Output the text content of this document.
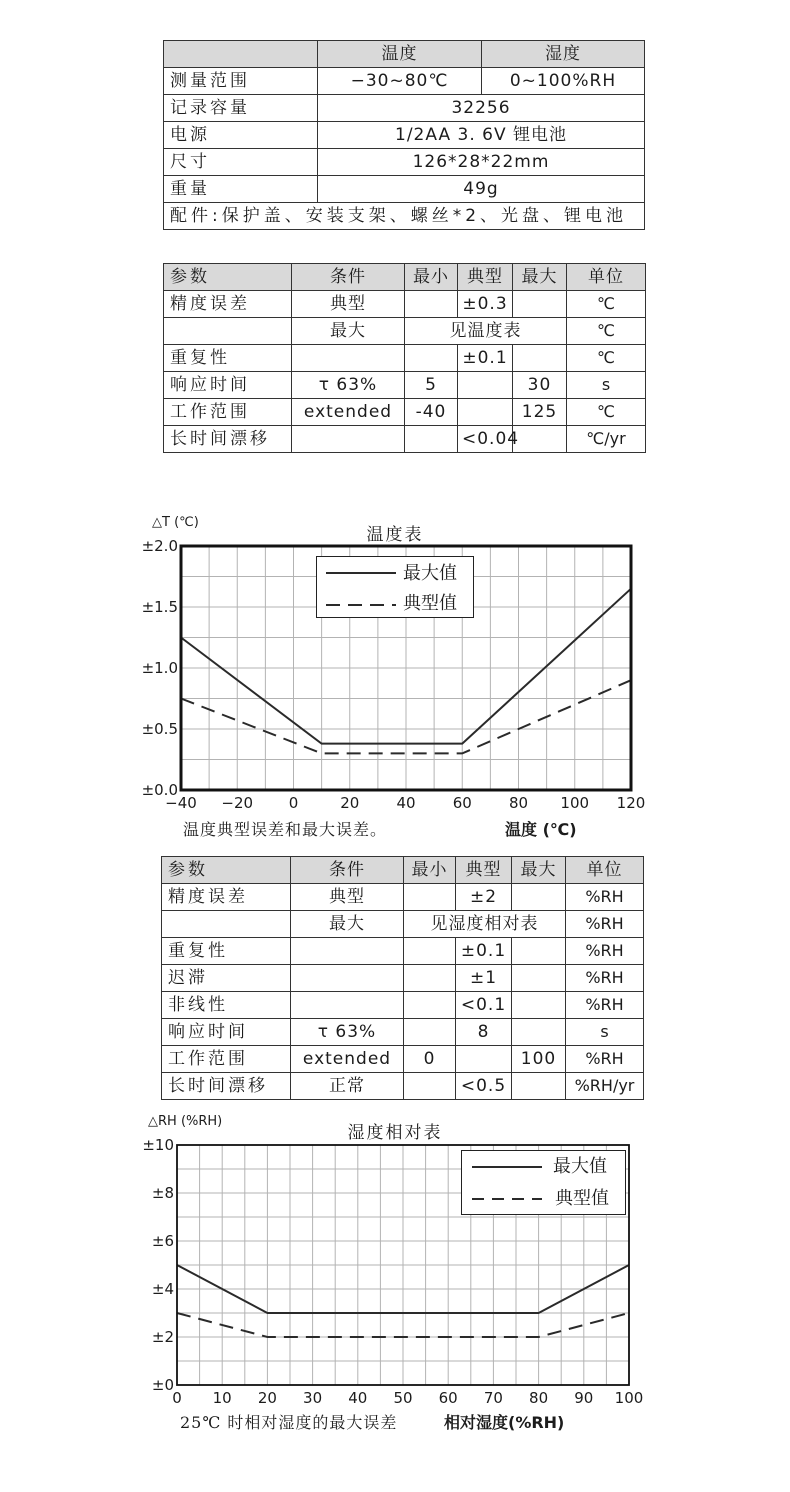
	温度	湿度
测量范围	−30~80℃	0~100%RH
记录容量	32256	
电源	1/2AA 3. 6V 锂电池	
尺寸	126*28*22mm	
重量	49g	
配件:保护盖、安装支架、螺丝*2、光盘、锂电池		
参数	条件	最小	典型	最大	单位
精度误差	典型		±0.3		℃
	最大	见温度表			℃
重复性			±0.1		℃
响应时间	τ 63%	5		30	s
工作范围	extended	-40		125	℃
长时间漂移			<0.04		℃/yr
△T (℃)
温度表
−40 −20 0	20 40 60 80 100 120
±0.0
±0.5
±1.0
±1.5
±2.0
最大值
典型值
温度典型误差和最大误差。	温度 (℃)
参数	条件	最小	典型	最大	单位
精度误差	典型		±2		%RH
	最大	见湿度相对表			%RH
重复性			±0.1		%RH
迟滞			±1		%RH
非线性			<0.1		%RH
响应时间	τ 63%		8		s
工作范围	extended	0		100	%RH
长时间漂移	正常		<0.5		%RH/yr
△RH (%RH)
湿度相对表
0 10 20 30 40 50 60 70 80 90 100
±0
±2
±4
±6
±8
±10
最大值
典型值
25℃ 时相对湿度的最大误差	相对湿度(%RH)
